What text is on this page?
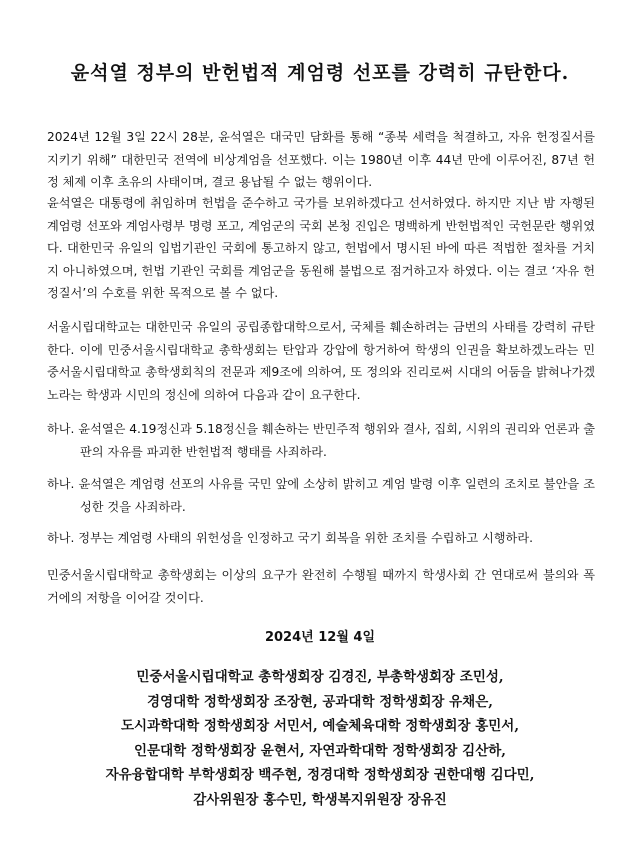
윤석열 정부의 반헌법적 계엄령 선포를 강력히 규탄한다.

2024년 12월 3일 22시 28분, 윤석열은 대국민 담화를 통해 “종북 세력을 척결하고, 자유 헌정질서를 지키기 위해” 대한민국 전역에 비상계엄을 선포했다. 이는 1980년 이후 44년 만에 이루어진, 87년 헌정 체제 이후 초유의 사태이며, 결코 용납될 수 없는 행위이다.

윤석열은 대통령에 취임하며 헌법을 준수하고 국가를 보위하겠다고 선서하였다. 하지만 지난 밤 자행된 계엄령 선포와 계엄사령부 명령 포고, 계엄군의 국회 본청 진입은 명백하게 반헌법적인 국헌문란 행위였다. 대한민국 유일의 입법기관인 국회에 통고하지 않고, 헌법에서 명시된 바에 따른 적법한 절차를 거치지 아니하였으며, 헌법 기관인 국회를 계엄군을 동원해 불법으로 점거하고자 하였다. 이는 결코 ‘자유 헌정질서’의 수호를 위한 목적으로 볼 수 없다.

서울시립대학교는 대한민국 유일의 공립종합대학으로서, 국체를 훼손하려는 금번의 사태를 강력히 규탄한다. 이에 민중서울시립대학교 총학생회는 탄압과 강압에 항거하여 학생의 인권을 확보하겠노라는 민중서울시립대학교 총학생회칙의 전문과 제9조에 의하여, 또 정의와 진리로써 시대의 어둠을 밝혀나가겠노라는 학생과 시민의 정신에 의하여 다음과 같이 요구한다.

하나. 윤석열은 4.19정신과 5.18정신을 훼손하는 반민주적 행위와 결사, 집회, 시위의 권리와 언론과 출판의 자유를 파괴한 반헌법적 행태를 사죄하라.

하나. 윤석열은 계엄령 선포의 사유를 국민 앞에 소상히 밝히고 계엄 발령 이후 일련의 조치로 불안을 조성한 것을 사죄하라.

하나. 정부는 계엄령 사태의 위헌성을 인정하고 국기 회복을 위한 조치를 수립하고 시행하라.

민중서울시립대학교 총학생회는 이상의 요구가 완전히 수행될 때까지 학생사회 간 연대로써 불의와 폭거에의 저항을 이어갈 것이다.

2024년 12월 4일
민중서울시립대학교 총학생회장 김경진, 부총학생회장 조민성,
경영대학 정학생회장 조장현, 공과대학 정학생회장 유채은,
도시과학대학 정학생회장 서민서, 예술체육대학 정학생회장 홍민서,
인문대학 정학생회장 윤현서, 자연과학대학 정학생회장 김산하,
자유융합대학 부학생회장 백주현, 정경대학 정학생회장 권한대행 김다민,
감사위원장 홍수민, 학생복지위원장 장유진
